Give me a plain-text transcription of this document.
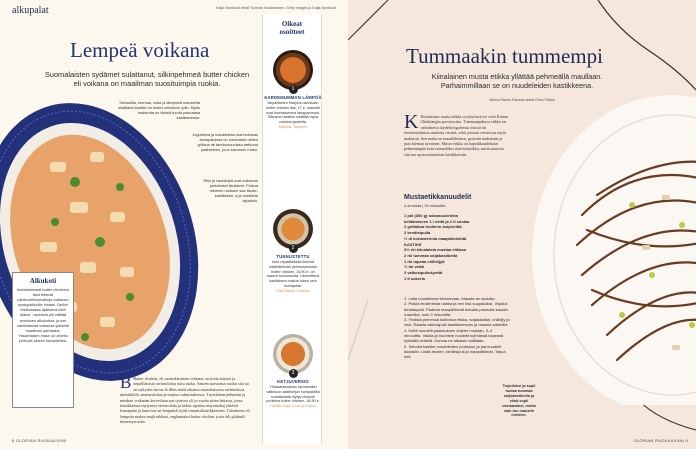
alkupalat	Katja Nordlund teksti Tuomas Kotolmainen, Getty Images ja Katja Nordlund
Lempeä voikana
Suomalaisten sydämet sulattanut, silkinpehmeä butter chicken eli voikana on maailman suosituimpia ruokia.
Tomaattia, kermaa, voita ja lämpimiä mausteita sisältävä kastike on butter chickenin ydin. Myös makeutta on tärkeä tuoda pakuaasa kastikkeessa.
Jogurtissa ja mausteissa marinoitukas kanapaloissa on olennaista niiden grillaus tai tandooruunissa tarttunut paahteinen, juuo savuinen maku.
Riisi ja naanleipä ovat voikanan perinteiset lisukkeet. Poikua meiresn ruoksen sao lisuke-kastikkeen, a ja nordiarte lajustelu.
Alkukoti

Ilmiokkaimmat butter chickenin fanit tekevät pyhiinvaellusmatkoja voikanan syntypaikkoille Intiaan. Delhin eteläosassa sijaitseva Moti Mahal –ravintola piti väittää annoksen alkukotina, ja sen valmistamaa voikanaa yleisesti maailman parhaaksi. Yksoimaisen maun on arveltu johtuvat alueen tomaateista.

B Butter chicken, eli suomalaisittain voikana, on kotia laisista ja nepalilaisista ravintoloista tuttu ruoka. Sauren suosionsa vuoksi sitä uo on nykyisin tarvaa lä lähes minä tahansa suomalaisessa ravintolassa mietaikkilö–mazuavkittaa ja mujssa valmistuksessa. Täyteläisen pehmeän ja mieduni voikanan kerrovlaaa syn tyrnveu yli jo vuotta sitten Intiassa, jossa kastikkeessa mytyneyt ravintoloita ja kekist upottaa mayomaltaj jättävät kanatpalat ja kastoivat ne lempeäsli kylät tomaattikastikkeeseen. Taloskeesa oli lempeän makea mujh mkhazi, englannuksi butter chicken, josta tuli globaali menestysruoka.
8 GLORIAN RUOKA&VIINI
Oikeat
osoitteet
1
KARDEMUMMAN LÄMPÖÄ

Nepalilainen Marpha-ravintolan butter chicken lisä, 17 e, maustet ovat hurmaavessa tasapainossa. Silkoinen kastike sisältää myös cashew-jauheita.

Marpha, Tampere

2
TUNNUSTETTU

Indo-nepalilaisella ilsensä määrittelevän perheravintolan butter chicken, 16,90 e, on saanut tunnustusta. Lämmittävä kastikkeen makua tukee oein huivajasta.

Ravi Mahal, Helsinki

3
KETJUVERSIO

Yhtaaalaisrasian ravintolakei valtmuon aastiketjun kompaktilta ruokalistalta löytyy vieaosti pohtieva butter chicken, 16,90 e.

Hankki Maja, Oulu ja Espoo

Tummaakin tummempi
Kiinalainen musta etikka yllättää pehmeällä maullaan. Parhaimmillaan se on nuudeleiden kastikkeena.
Minna Rautio-Pakaala teksti Panu Pällvä
K Kiinalainen musta etikka on käytössä eri sväit Kiinan Chinkiangin provinssista. Tummanpuhuva etikka on valmistettu täydeltyisgoleesta riisistä tai fermentoiduista mustista riisistä, sekä joissain versioissa myös maltaista. Sen maku on maanläheinen, pyöreän maltainen ja juaa hieman savuinen. Musta etikka on hapoikkuudeltaan pehmeämpää kuin esimerkiksi riisiviinietikka, mistä ansiosta sitä saa sponoottamaisen kastikkeisiin.
Mustaetikkanuudelit
4 annosta | 15 minuuttia
1 pkt (300 g) sobanuudeleita
keittämiseen 1 l vettä ja 2 tl suolaa
2 grillattua broilerin koipireittä
2 kevätsipulia
½ dl korianterinia maapähkinöitä
KASTIKE
3½ rkl kiinalaista mustaa etikkaa
2 rkl tummaa soijakastiketta
1 rkl rapeaa chiliöljyä
½ rkl vettä
2 valkosipulinkynttä
1 tl sokeria

1. Laita nuudeliveai kiehumaan. Mausta se suolalla.

2. Poista broilereista nahka ja revi liha suupaloiksi. Viipaloi kevätsipulit. Paahda maapähkinät kuivalla pannulla kauniin ruskeiksi, noin 2 minuuttia.

3. Yhdistä pienessä kulhossa etikka, soijakastike, chiliöljy ja vesi. Raasta valkosipulit kastikkeeseen ja mausta sokerilla.

4. Keitä nuudelit pakkauksen ohjeen mukaan, 3–4 minuuttia. Valuta ja huuhtele nuudelit kylmässä nopeasti kylmällä vedellä. Kumoa ne takaisin kattilaan.

5. Sekoita kastike nuudeleiden joukkoon ja jaa nuudelit lautasiin. Lisää broileri, kevätsipuli ja maapähkinät. Tarjoa heti.

Tarjoiluksi ja sopii tuotaa tummaa soijakastiketta ja siinä sopii vastaavaksi, mutta vain tuo maustin mieleen.
GLORIAN RUOKA&VIINI 9
